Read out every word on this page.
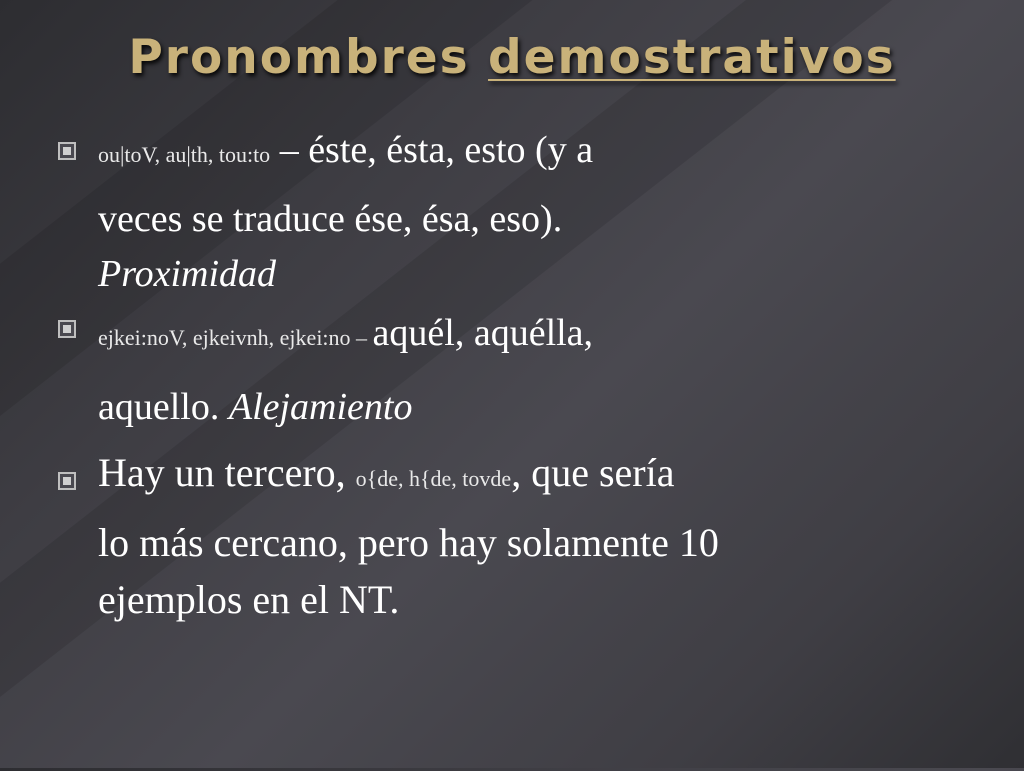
Pronombres demostrativos
ou|toV, au|th, tou:to – éste, ésta, esto (y a
veces se traduce ése, ésa, eso).
Proximidad
ejkei:noV, ejkeivnh, ejkei:no – aquél, aquélla,
aquello. Alejamiento
Hay un tercero, o{de, h{de, tovde, que sería
lo más cercano, pero hay solamente 10
ejemplos en el NT.
